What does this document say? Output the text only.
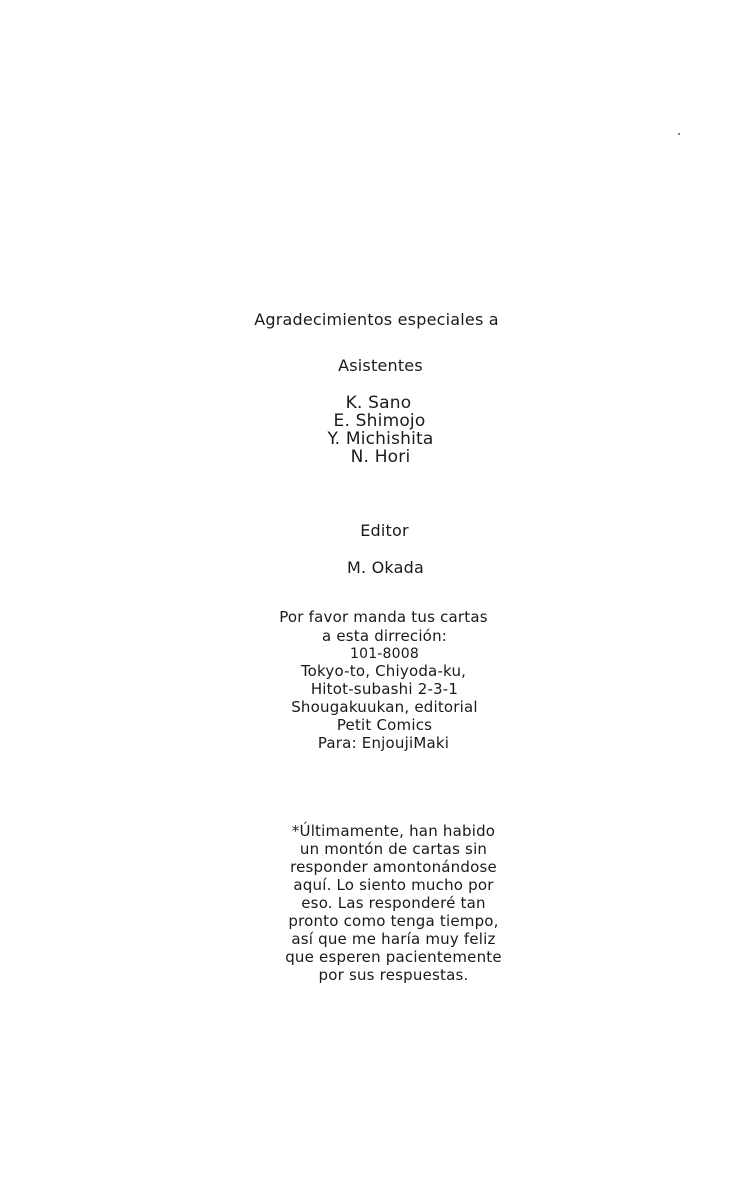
Agradecimientos especiales a
Asistentes
K. Sano
E. Shimojo
Y. Michishita
N. Hori
Editor
M. Okada
Por favor manda tus cartas
a esta dirreción:
101-8008
Tokyo-to, Chiyoda-ku,
Hitot-subashi 2-3-1
Shougakuukan, editorial
Petit Comics
Para: EnjoujiMaki
*Últimamente, han habido
un montón de cartas sin
responder amontonándose
aquí. Lo siento mucho por
eso. Las responderé tan
pronto como tenga tiempo,
así que me haría muy feliz
que esperen pacientemente
por sus respuestas.
